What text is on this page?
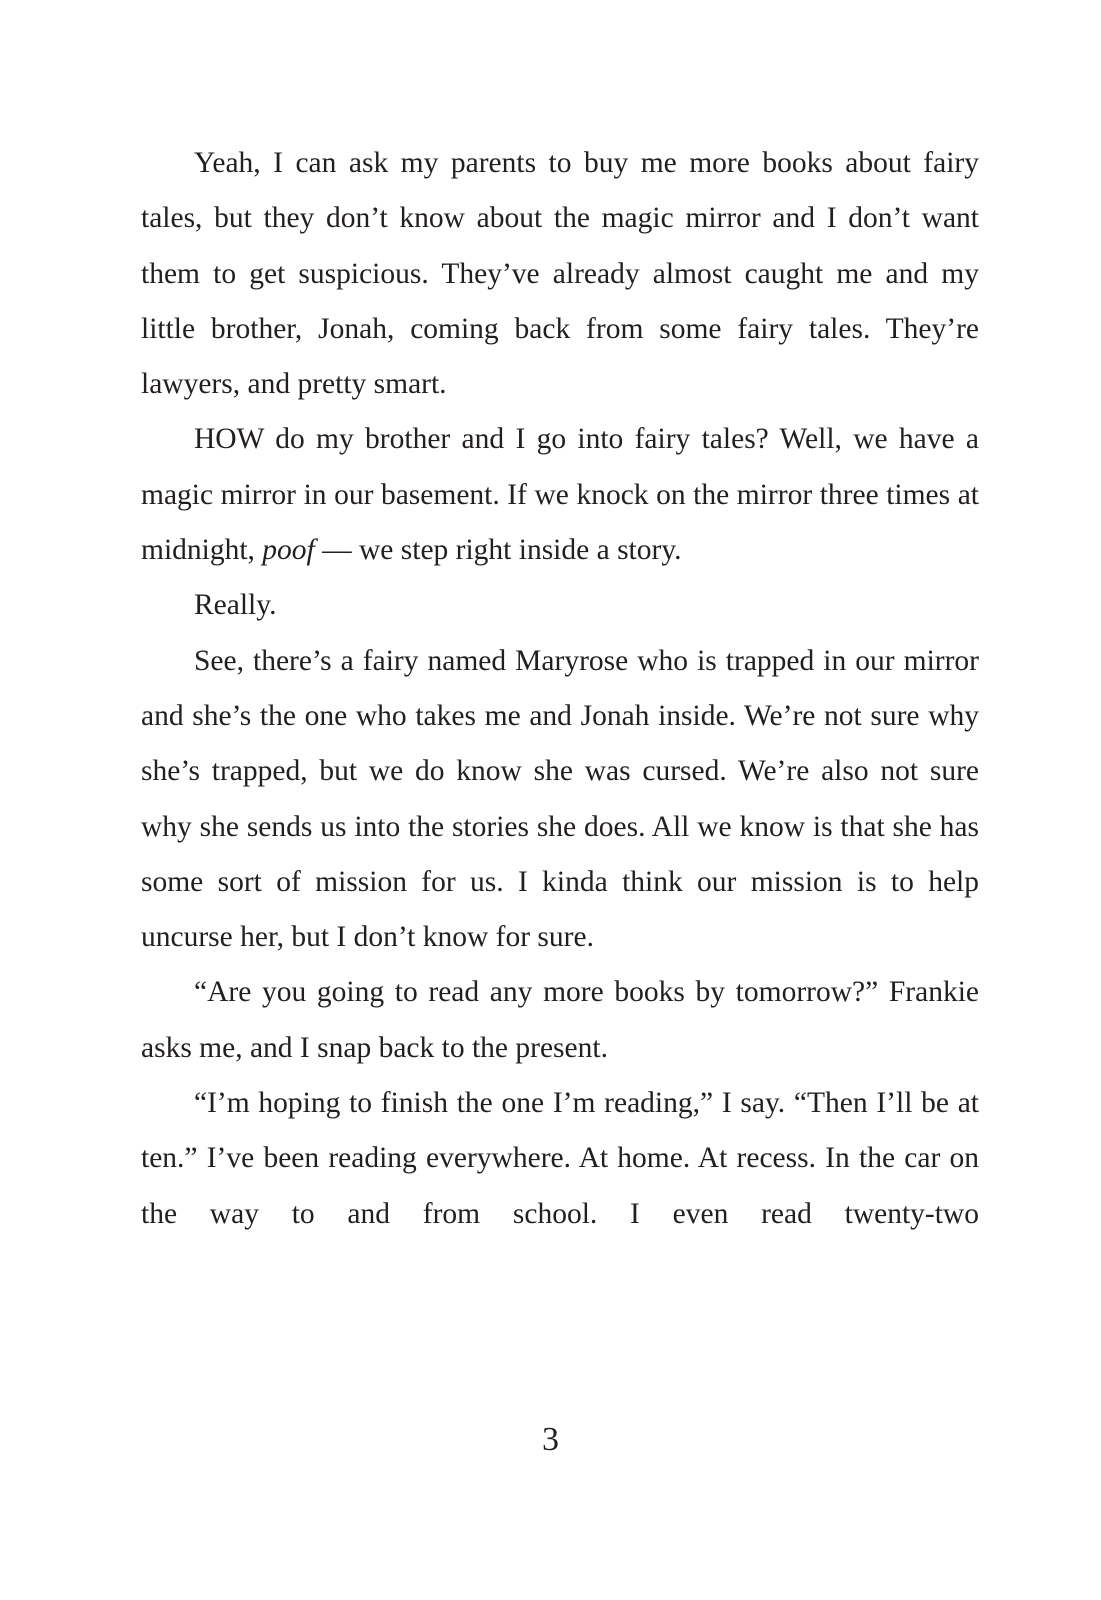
Yeah, I can ask my parents to buy me more books about fairy tales, but they don’t know about the magic mirror and I don’t want them to get suspicious. They’ve already almost caught me and my little brother, Jonah, coming back from some fairy tales. They’re lawyers, and pretty smart.

HOW do my brother and I go into fairy tales? Well, we have a magic mirror in our basement. If we knock on the mirror three times at midnight, poof — we step right inside a story.

Really.

See, there’s a fairy named Maryrose who is trapped in our mirror and she’s the one who takes me and Jonah inside. We’re not sure why she’s trapped, but we do know she was cursed. We’re also not sure why she sends us into the stories she does. All we know is that she has some sort of mission for us. I kinda think our mission is to help uncurse her, but I don’t know for sure.

“Are you going to read any more books by tomorrow?” Frankie asks me, and I snap back to the present.

“I’m hoping to finish the one I’m reading,” I say. “Then I’ll be at ten.” I’ve been reading everywhere. At home. At recess. In the car on the way to and from school. I even read twenty-two

3
